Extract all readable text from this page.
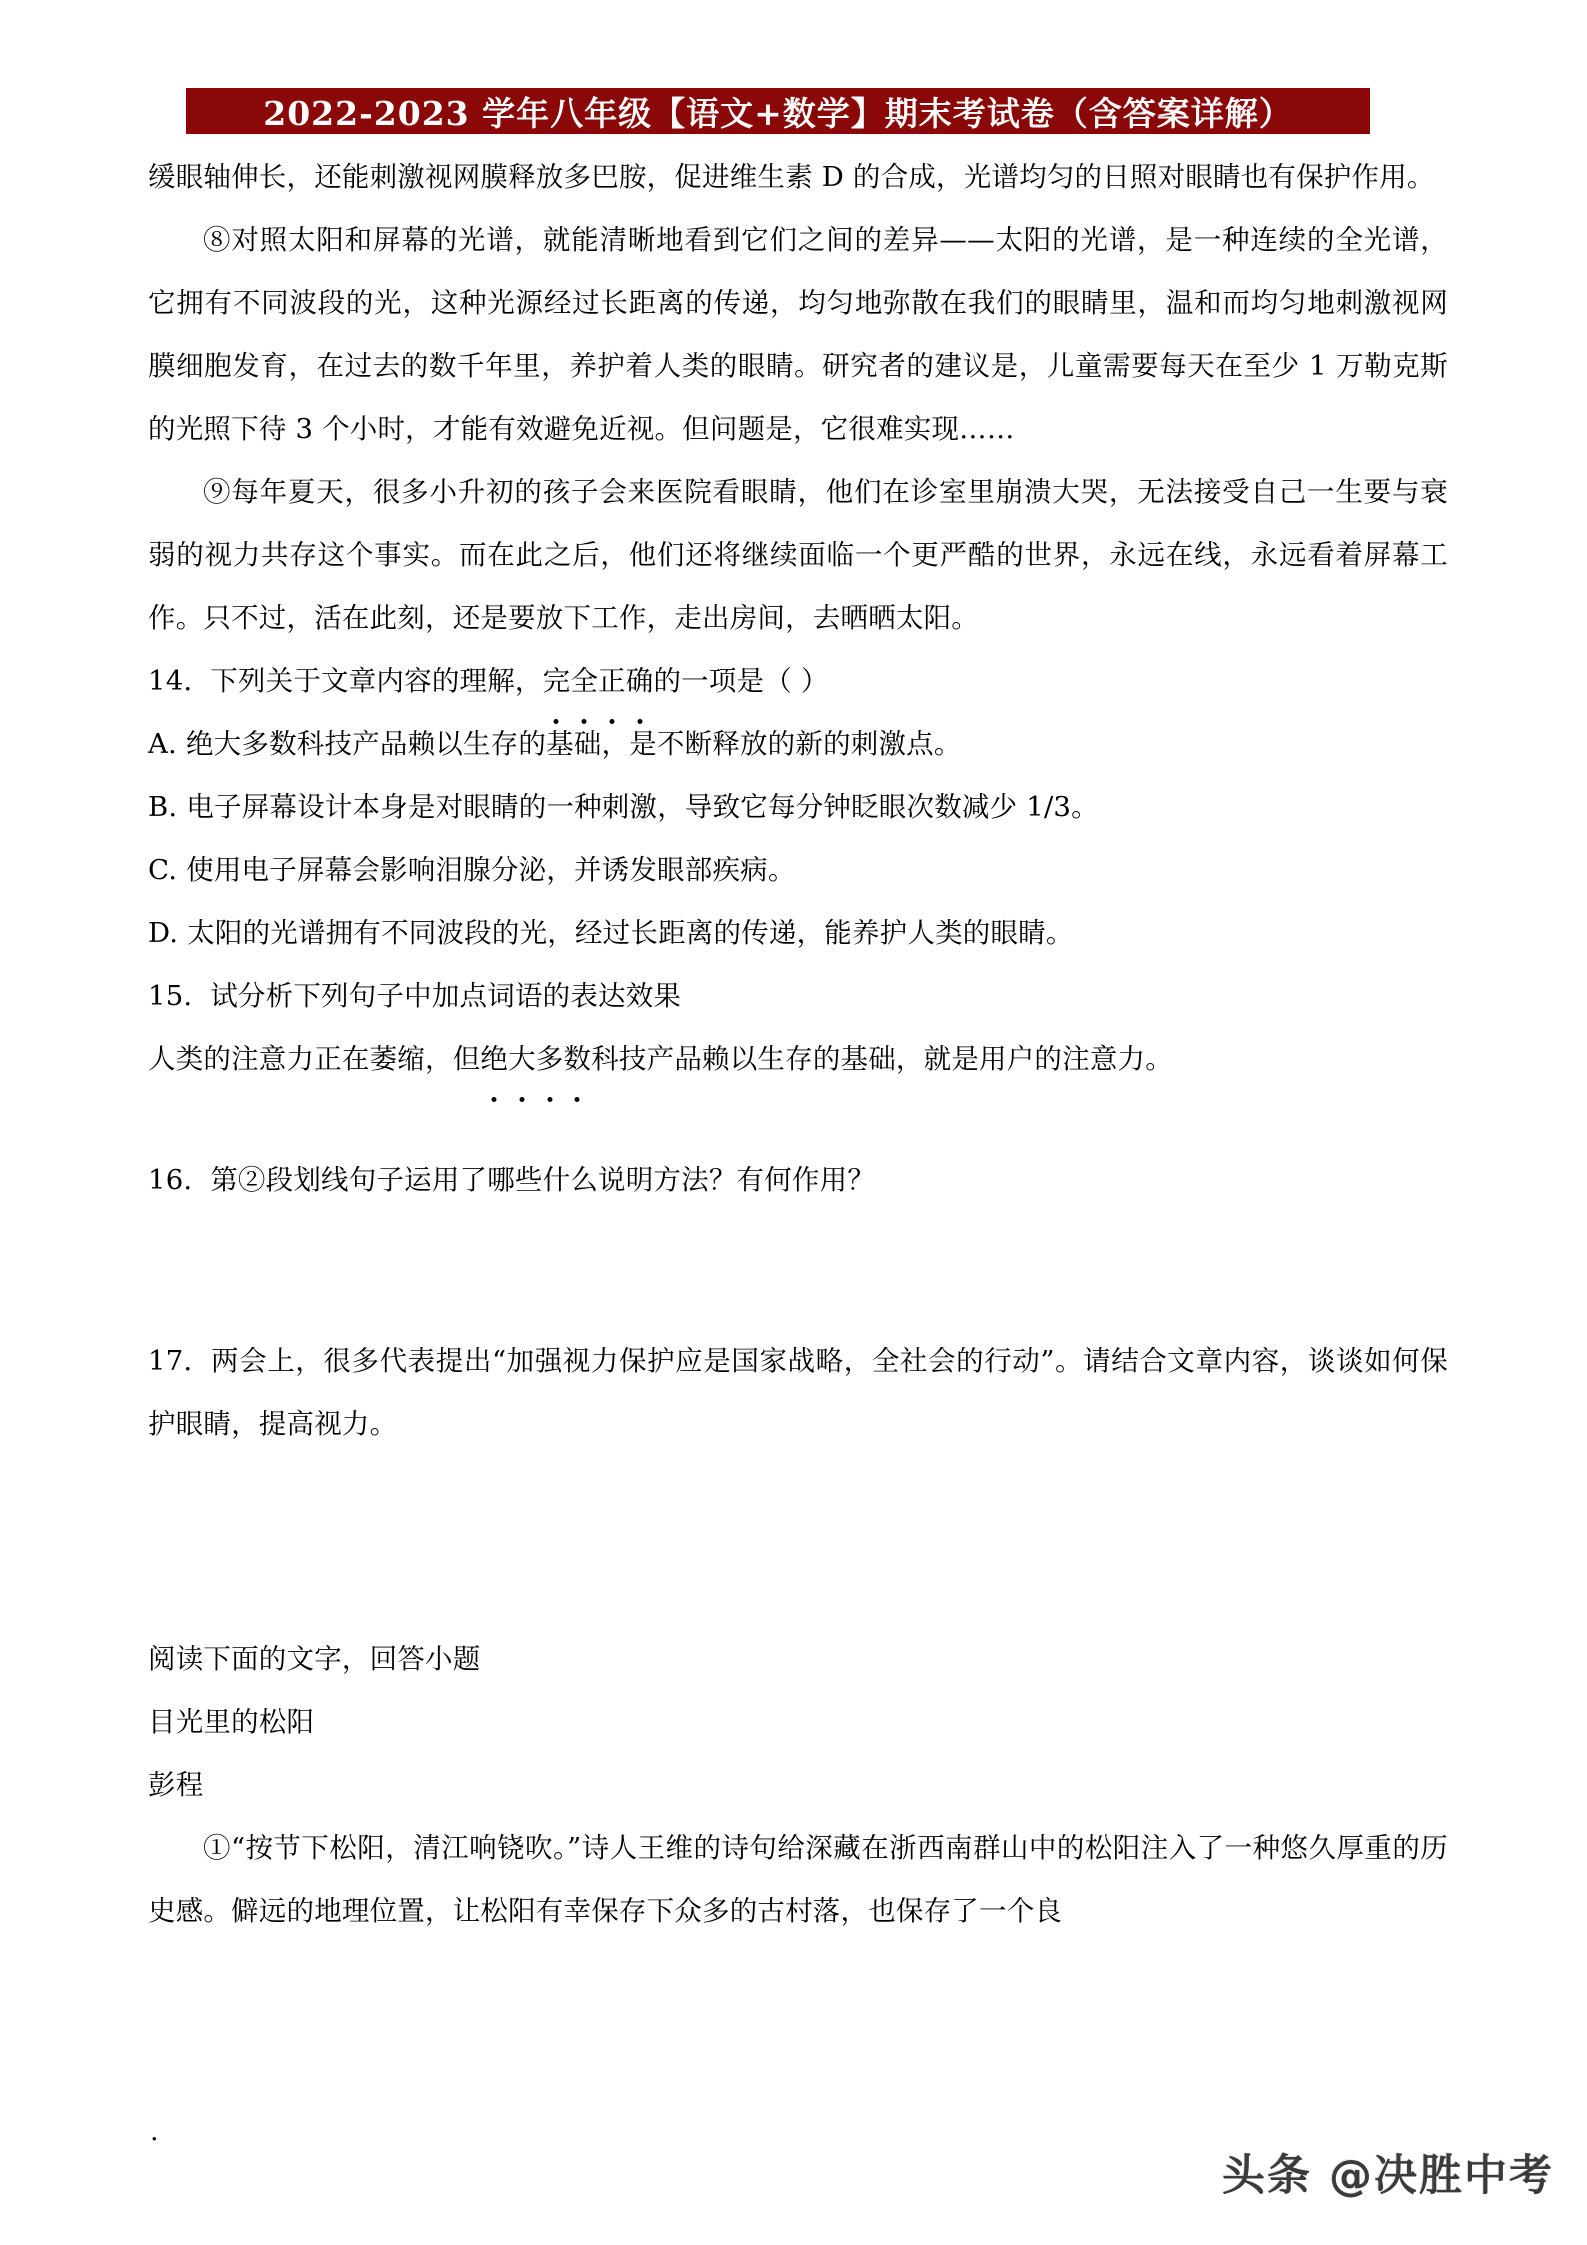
2022-2023 学年八年级【语文+数学】期末考试卷（含答案详解）

缓眼轴伸长，还能刺激视网膜释放多巴胺，促进维生素 D 的合成，光谱均匀的日照对眼睛也有保护作用。

⑧对照太阳和屏幕的光谱，就能清晰地看到它们之间的差异——太阳的光谱，是一种连续的全光谱，它拥有不同波段的光，这种光源经过长距离的传递，均匀地弥散在我们的眼睛里，温和而均匀地刺激视网膜细胞发育，在过去的数千年里，养护着人类的眼睛。研究者的建议是，儿童需要每天在至少 1 万勒克斯的光照下待 3 个小时，才能有效避免近视。但问题是，它很难实现……

⑨每年夏天，很多小升初的孩子会来医院看眼睛，他们在诊室里崩溃大哭，无法接受自己一生要与衰弱的视力共存这个事实。而在此之后，他们还将继续面临一个更严酷的世界，永远在线，永远看着屏幕工作。只不过，活在此刻，还是要放下工作，走出房间，去晒晒太阳。

14. 下列关于文章内容的理解，完全正确的一项是（ ）

A. 绝大多数科技产品赖以生存的基础，是不断释放的新的刺激点。

B. 电子屏幕设计本身是对眼睛的一种刺激，导致它每分钟眨眼次数减少 1/3。

C. 使用电子屏幕会影响泪腺分泌，并诱发眼部疾病。

D. 太阳的光谱拥有不同波段的光，经过长距离的传递，能养护人类的眼睛。

15. 试分析下列句子中加点词语的表达效果

人类的注意力正在萎缩，但绝大多数科技产品赖以生存的基础，就是用户的注意力。

16. 第②段划线句子运用了哪些什么说明方法？有何作用？

17. 两会上，很多代表提出“加强视力保护应是国家战略，全社会的行动”。请结合文章内容，谈谈如何保护眼睛，提高视力。

阅读下面的文字，回答小题

目光里的松阳

彭程

①“按节下松阳，清江响铙吹。”诗人王维的诗句给深藏在浙西南群山中的松阳注入了一种悠久厚重的历史感。僻远的地理位置，让松阳有幸保存下众多的古村落，也保存了一个良

.
头条 @决胜中考
